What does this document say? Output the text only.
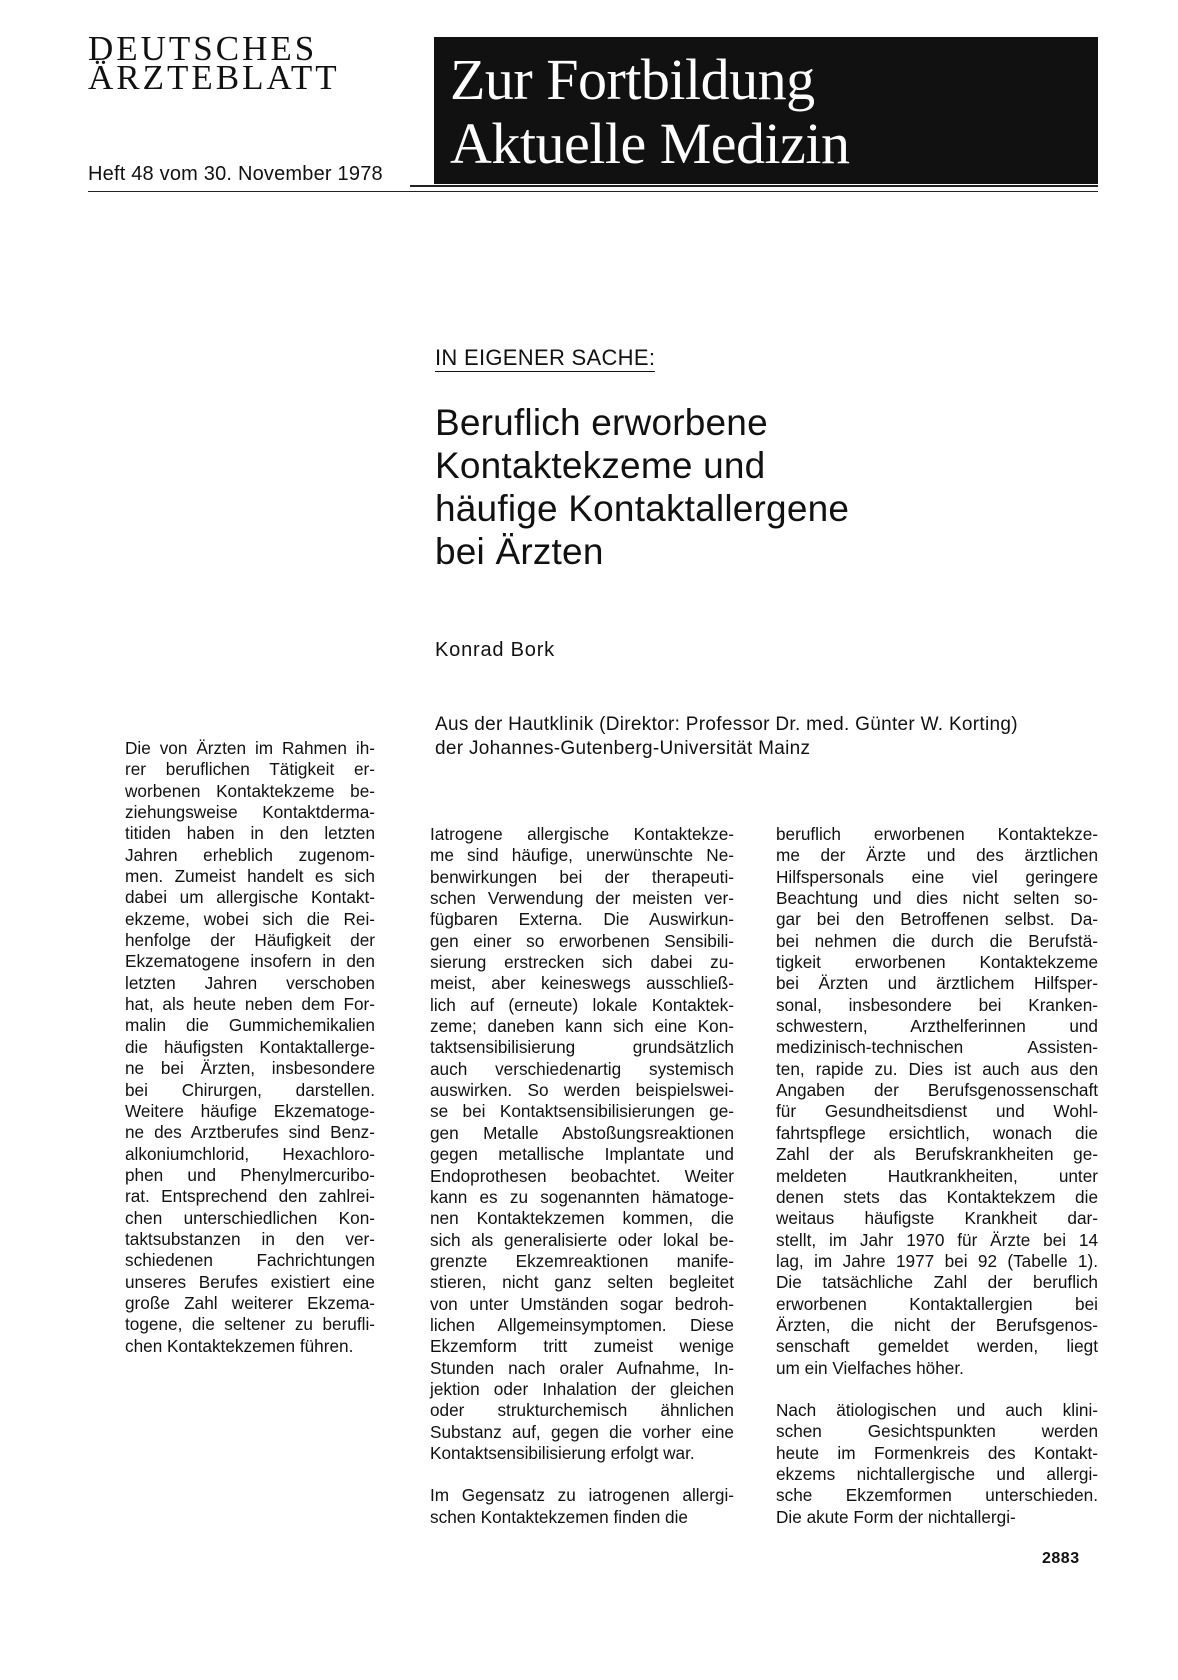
DEUTSCHES
ÄRZTEBLATT
Heft 48 vom 30. November 1978
Zur Fortbildung
Aktuelle Medizin
IN EIGENER SACHE:
Beruflich erworbene
Kontaktekzeme und
häufige Kontaktallergene
bei Ärzten
Konrad Bork
Aus der Hautklinik (Direktor: Professor Dr. med. Günter W. Korting)
der Johannes-Gutenberg-Universität Mainz
Die von Ärzten im Rahmen ih-
rer beruflichen Tätigkeit er-
worbenen Kontaktekzeme be-
ziehungsweise Kontaktderma-
titiden haben in den letzten
Jahren erheblich zugenom-
men. Zumeist handelt es sich
dabei um allergische Kontakt-
ekzeme, wobei sich die Rei-
henfolge der Häufigkeit der
Ekzematogene insofern in den
letzten Jahren verschoben
hat, als heute neben dem For-
malin die Gummichemikalien
die häufigsten Kontaktallerge-
ne bei Ärzten, insbesondere
bei Chirurgen, darstellen.
Weitere häufige Ekzematoge-
ne des Arztberufes sind Benz-
alkoniumchlorid, Hexachloro-
phen und Phenylmercuribo-
rat. Entsprechend den zahlrei-
chen unterschiedlichen Kon-
taktsubstanzen in den ver-
schiedenen Fachrichtungen
unseres Berufes existiert eine
große Zahl weiterer Ekzema-
togene, die seltener zu berufli-
chen Kontaktekzemen führen.
Iatrogene allergische Kontaktekze-
me sind häufige, unerwünschte Ne-
benwirkungen bei der therapeuti-
schen Verwendung der meisten ver-
fügbaren Externa. Die Auswirkun-
gen einer so erworbenen Sensibili-
sierung erstrecken sich dabei zu-
meist, aber keineswegs ausschließ-
lich auf (erneute) lokale Kontaktek-
zeme; daneben kann sich eine Kon-
taktsensibilisierung grundsätzlich
auch verschiedenartig systemisch
auswirken. So werden beispielswei-
se bei Kontaktsensibilisierungen ge-
gen Metalle Abstoßungsreaktionen
gegen metallische Implantate und
Endoprothesen beobachtet. Weiter
kann es zu sogenannten hämatoge-
nen Kontaktekzemen kommen, die
sich als generalisierte oder lokal be-
grenzte Ekzemreaktionen manife-
stieren, nicht ganz selten begleitet
von unter Umständen sogar bedroh-
lichen Allgemeinsymptomen. Diese
Ekzemform tritt zumeist wenige
Stunden nach oraler Aufnahme, In-
jektion oder Inhalation der gleichen
oder strukturchemisch ähnlichen
Substanz auf, gegen die vorher eine
Kontaktsensibilisierung erfolgt war.
Im Gegensatz zu iatrogenen allergi-
schen Kontaktekzemen finden die
beruflich erworbenen Kontaktekze-
me der Ärzte und des ärztlichen
Hilfspersonals eine viel geringere
Beachtung und dies nicht selten so-
gar bei den Betroffenen selbst. Da-
bei nehmen die durch die Berufstä-
tigkeit erworbenen Kontaktekzeme
bei Ärzten und ärztlichem Hilfsper-
sonal, insbesondere bei Kranken-
schwestern, Arzthelferinnen und
medizinisch-technischen Assisten-
ten, rapide zu. Dies ist auch aus den
Angaben der Berufsgenossenschaft
für Gesundheitsdienst und Wohl-
fahrtspflege ersichtlich, wonach die
Zahl der als Berufskrankheiten ge-
meldeten Hautkrankheiten, unter
denen stets das Kontaktekzem die
weitaus häufigste Krankheit dar-
stellt, im Jahr 1970 für Ärzte bei 14
lag, im Jahre 1977 bei 92 (Tabelle 1).
Die tatsächliche Zahl der beruflich
erworbenen Kontaktallergien bei
Ärzten, die nicht der Berufsgenos-
senschaft gemeldet werden, liegt
um ein Vielfaches höher.
Nach ätiologischen und auch klini-
schen Gesichtspunkten werden
heute im Formenkreis des Kontakt-
ekzems nichtallergische und allergi-
sche Ekzemformen unterschieden.
Die akute Form der nichtallergi-
2883
